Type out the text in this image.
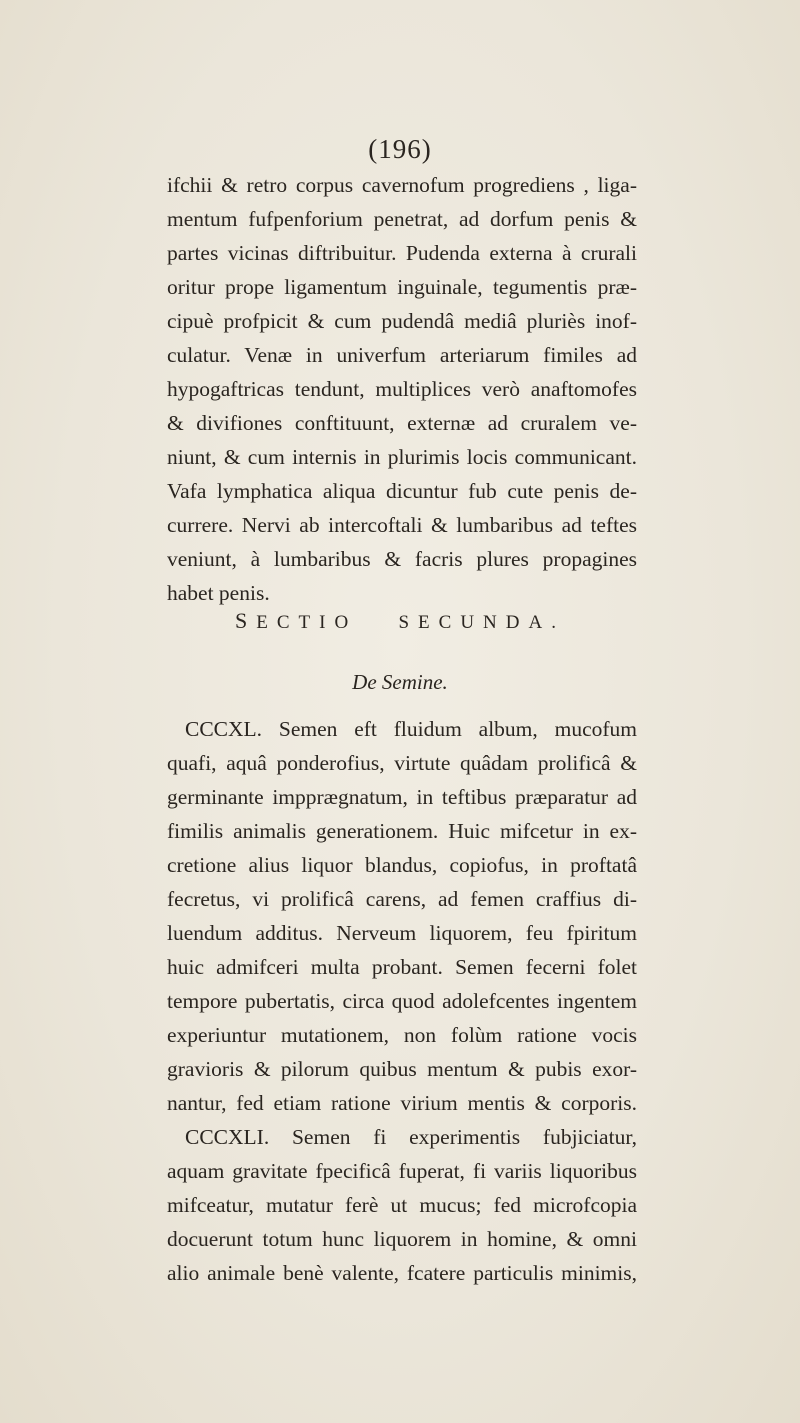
(196)
ifchii & retro corpus cavernofum progrediens , liga-
mentum fufpenforium penetrat, ad dorfum penis &
partes vicinas diftribuitur. Pudenda externa à crurali
oritur prope ligamentum inguinale, tegumentis præ-
cipuè profpicit & cum pudendâ mediâ pluriès inof-
culatur. Venæ in univerfum arteriarum fimiles ad
hypogaftricas tendunt, multiplices verò anaftomofes
& divifiones conftituunt, externæ ad cruralem ve-
niunt, & cum internis in plurimis locis communicant.
Vafa lymphatica aliqua dicuntur fub cute penis de-
currere. Nervi ab intercoftali & lumbaribus ad teftes
veniunt, à lumbaribus & facris plures propagines
habet penis.
SECTIO SECUNDA.
De Semine.
CCCXL. Semen eft fluidum album, mucofum
quafi, aquâ ponderofius, virtute quâdam prolificâ &
germinante impprægnatum, in teftibus præparatur ad
fimilis animalis generationem. Huic mifcetur in ex-
cretione alius liquor blandus, copiofus, in proftatâ
fecretus, vi prolificâ carens, ad femen craffius di-
luendum additus. Nerveum liquorem, feu fpiritum
huic admifceri multa probant. Semen fecerni folet
tempore pubertatis, circa quod adolefcentes ingentem
experiuntur mutationem, non folùm ratione vocis
gravioris & pilorum quibus mentum & pubis exor-
nantur, fed etiam ratione virium mentis & corporis.
CCCXLI. Semen fi experimentis fubjiciatur,
aquam gravitate fpecificâ fuperat, fi variis liquoribus
mifceatur, mutatur ferè ut mucus; fed microfcopia
docuerunt totum hunc liquorem in homine, & omni
alio animale benè valente, fcatere particulis minimis,
